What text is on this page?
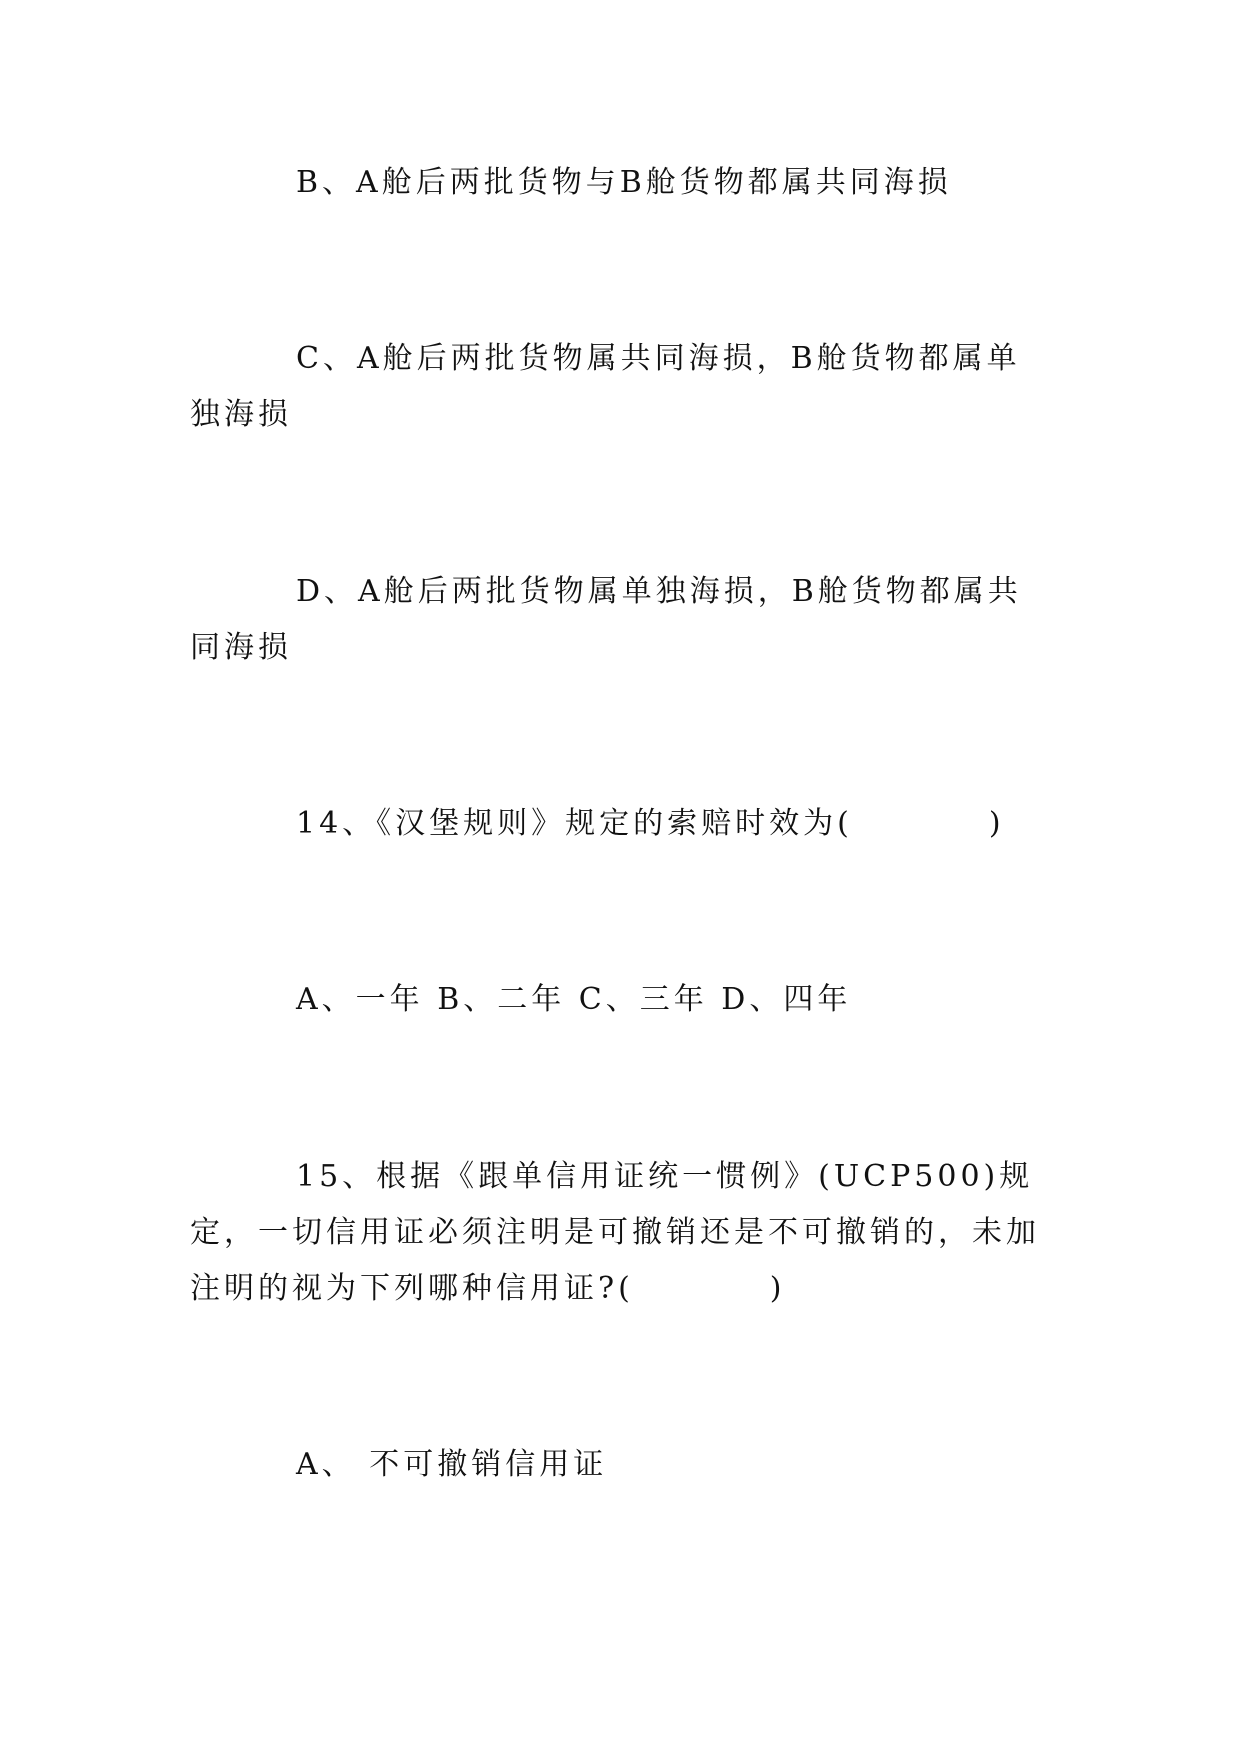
B、A舱后两批货物与B舱货物都属共同海损

C、A舱后两批货物属共同海损，B舱货物都属单独海损

D、A舱后两批货物属单独海损，B舱货物都属共同海损

14、《汉堡规则》规定的索赔时效为(　　　　)

A、一年 B、二年 C、三年 D、四年

15、根据《跟单信用证统一惯例》(UCP500)规定，一切信用证必须注明是可撤销还是不可撤销的，未加注明的视为下列哪种信用证?(　　　　)

A、 不可撤销信用证
